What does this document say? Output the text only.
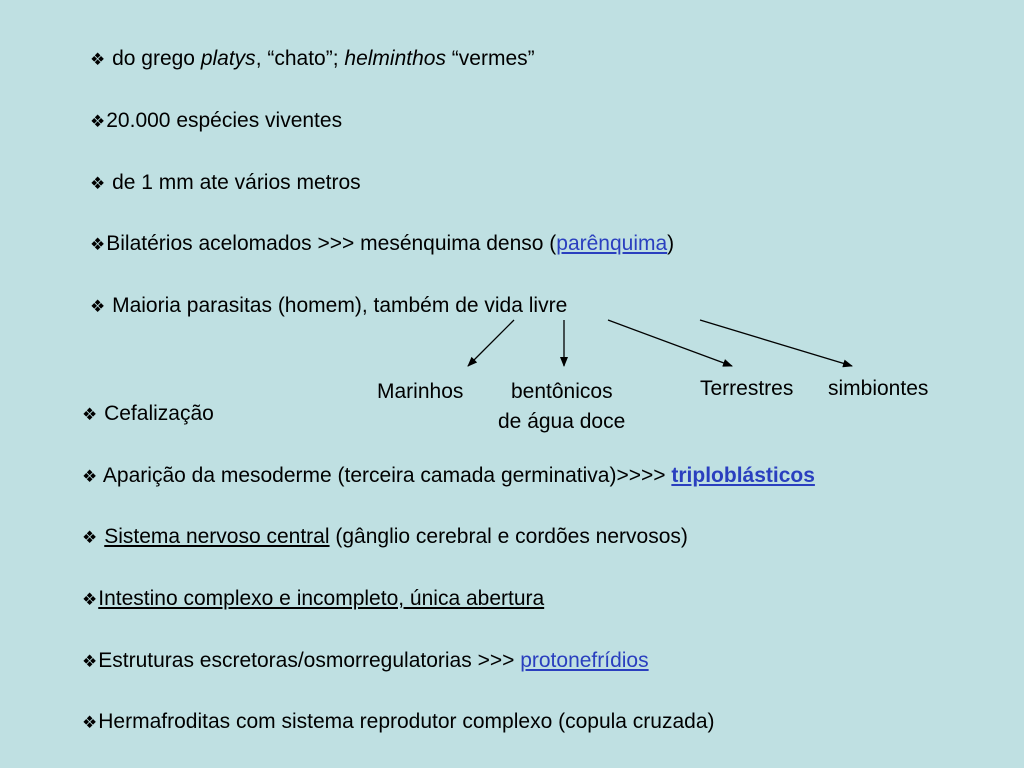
❖ do grego platys, “chato”; helminthos “vermes”
❖20.000 espécies viventes
❖ de 1 mm ate vários metros
❖Bilatérios acelomados >>> mesénquima denso (parênquima)
❖ Maioria parasitas (homem), também de vida livre
Marinhos bentônicos
de água doce
Terrestres simbiontes
❖ Cefalização
❖ Aparição da mesoderme (terceira camada germinativa)>>>> triploblásticos
❖ Sistema nervoso central (gânglio cerebral e cordões nervosos)
❖Intestino complexo e incompleto, única abertura
❖Estruturas escretoras/osmorregulatorias >>> protonefrídios
❖Hermafroditas com sistema reprodutor complexo (copula cruzada)
